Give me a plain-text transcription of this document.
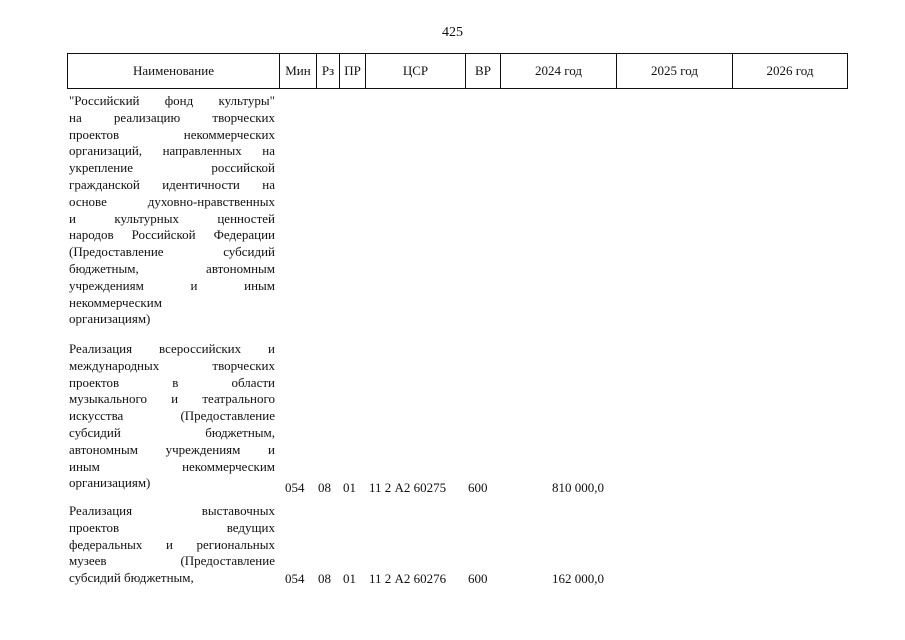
425
Наименование	Мин Рз ПР	ЦСР	ВР	2024 год	2025 год	2026 год
"Российский фонд культуры"
на реализацию творческих
проектов	некоммерческих
организаций, направленных на
укрепление	российской
гражданской идентичности на
основе	духовно-нравственных
и	культурных	ценностей
народов Российской Федерации
(Предоставление	субсидий
бюджетным,	автономным
учреждениям	и	иным
некоммерческим
организациям)
Реализация всероссийских и
международных	творческих
проектов	в	области
музыкального и театрального
искусства	(Предоставление
субсидий	бюджетным,
автономным учреждениям и
иным	некоммерческим
организациям)	054 08 01 11 2 А2 60275 600	810 000,0
Реализация	выставочных
проектов	ведущих
федеральных и региональных
музеев	(Предоставление
субсидий бюджетным,	054 08 01 11 2 А2 60276 600	162 000,0
